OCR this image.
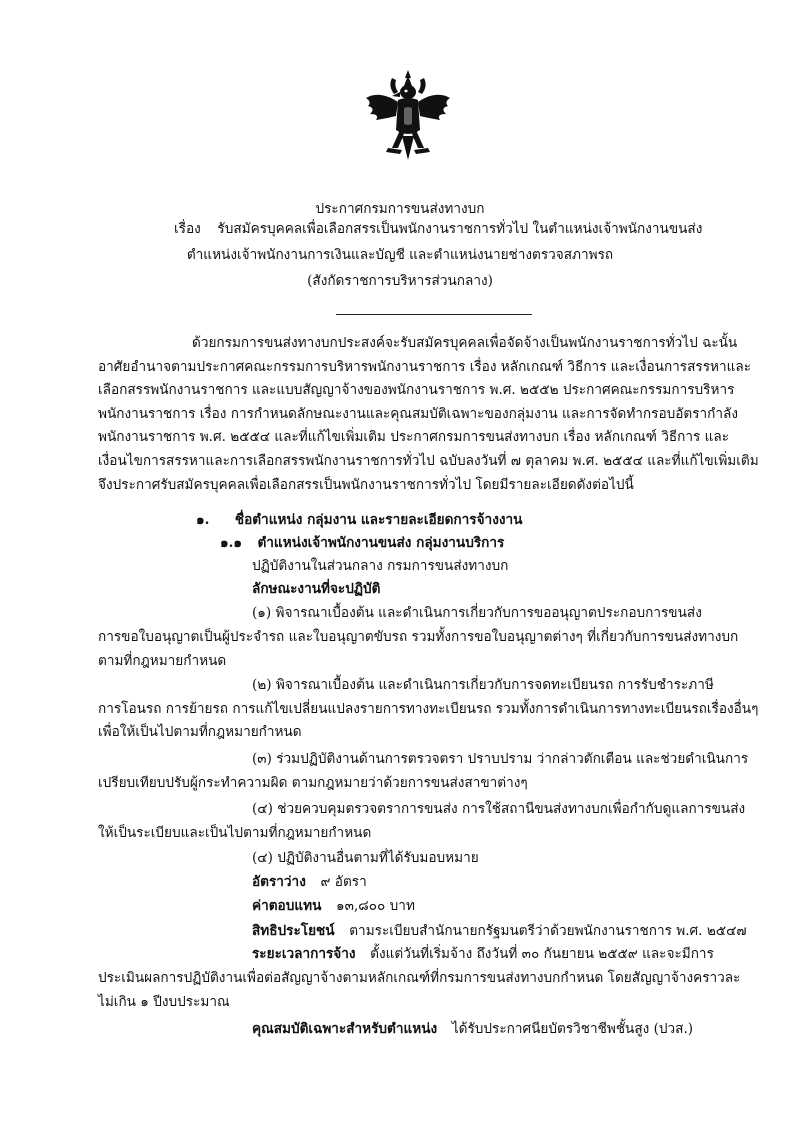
ประกาศกรมการขนส่งทางบก
เรื่อง รับสมัครบุคคลเพื่อเลือกสรรเป็นพนักงานราชการทั่วไป ในตำแหน่งเจ้าพนักงานขนส่ง
ตำแหน่งเจ้าพนักงานการเงินและบัญชี และตำแหน่งนายช่างตรวจสภาพรถ
(สังกัดราชการบริหารส่วนกลาง)
ด้วยกรมการขนส่งทางบกประสงค์จะรับสมัครบุคคลเพื่อจัดจ้างเป็นพนักงานราชการทั่วไป ฉะนั้น
อาศัยอำนาจตามประกาศคณะกรรมการบริหารพนักงานราชการ เรื่อง หลักเกณฑ์ วิธีการ และเงื่อนการสรรหาและ
เลือกสรรพนักงานราชการ และแบบสัญญาจ้างของพนักงานราชการ พ.ศ. ๒๕๕๒ ประกาศคณะกรรมการบริหาร
พนักงานราชการ เรื่อง การกำหนดลักษณะงานและคุณสมบัติเฉพาะของกลุ่มงาน และการจัดทำกรอบอัตรากำลัง
พนักงานราชการ พ.ศ. ๒๕๕๔ และที่แก้ไขเพิ่มเติม ประกาศกรมการขนส่งทางบก เรื่อง หลักเกณฑ์ วิธีการ และ
เงื่อนไขการสรรหาและการเลือกสรรพนักงานราชการทั่วไป ฉบับลงวันที่ ๗ ตุลาคม พ.ศ. ๒๕๕๔ และที่แก้ไขเพิ่มเติม
จึงประกาศรับสมัครบุคคลเพื่อเลือกสรรเป็นพนักงานราชการทั่วไป โดยมีรายละเอียดดังต่อไปนี้
๑. ชื่อตำแหน่ง กลุ่มงาน และรายละเอียดการจ้างงาน
๑.๑ ตำแหน่งเจ้าพนักงานขนส่ง กลุ่มงานบริการ
ปฏิบัติงานในส่วนกลาง กรมการขนส่งทางบก
ลักษณะงานที่จะปฏิบัติ
(๑) พิจารณาเบื้องต้น และดำเนินการเกี่ยวกับการขออนุญาตประกอบการขนส่ง
การขอใบอนุญาตเป็นผู้ประจำรถ และใบอนุญาตขับรถ รวมทั้งการขอใบอนุญาตต่างๆ ที่เกี่ยวกับการขนส่งทางบก
ตามที่กฎหมายกำหนด
(๒) พิจารณาเบื้องต้น และดำเนินการเกี่ยวกับการจดทะเบียนรถ การรับชำระภาษี
การโอนรถ การย้ายรถ การแก้ไขเปลี่ยนแปลงรายการทางทะเบียนรถ รวมทั้งการดำเนินการทางทะเบียนรถเรื่องอื่นๆ
เพื่อให้เป็นไปตามที่กฎหมายกำหนด
(๓) ร่วมปฏิบัติงานด้านการตรวจตรา ปราบปราม ว่ากล่าวตักเตือน และช่วยดำเนินการ
เปรียบเทียบปรับผู้กระทำความผิด ตามกฎหมายว่าด้วยการขนส่งสาขาต่างๆ
(๔) ช่วยควบคุมตรวจตราการขนส่ง การใช้สถานีขนส่งทางบกเพื่อกำกับดูแลการขนส่ง
ให้เป็นระเบียบและเป็นไปตามที่กฎหมายกำหนด
(๔) ปฏิบัติงานอื่นตามที่ได้รับมอบหมาย
อัตราว่าง ๙ อัตรา
ค่าตอบแทน ๑๓,๘๐๐ บาท
สิทธิประโยชน์ ตามระเบียบสำนักนายกรัฐมนตรีว่าด้วยพนักงานราชการ พ.ศ. ๒๕๔๗
ระยะเวลาการจ้าง ตั้งแต่วันที่เริ่มจ้าง ถึงวันที่ ๓๐ กันยายน ๒๕๕๙ และจะมีการ
ประเมินผลการปฏิบัติงานเพื่อต่อสัญญาจ้างตามหลักเกณฑ์ที่กรมการขนส่งทางบกกำหนด โดยสัญญาจ้างคราวละ
ไม่เกิน ๑ ปีงบประมาณ
คุณสมบัติเฉพาะสำหรับตำแหน่ง ได้รับประกาศนียบัตรวิชาชีพชั้นสูง (ปวส.)
